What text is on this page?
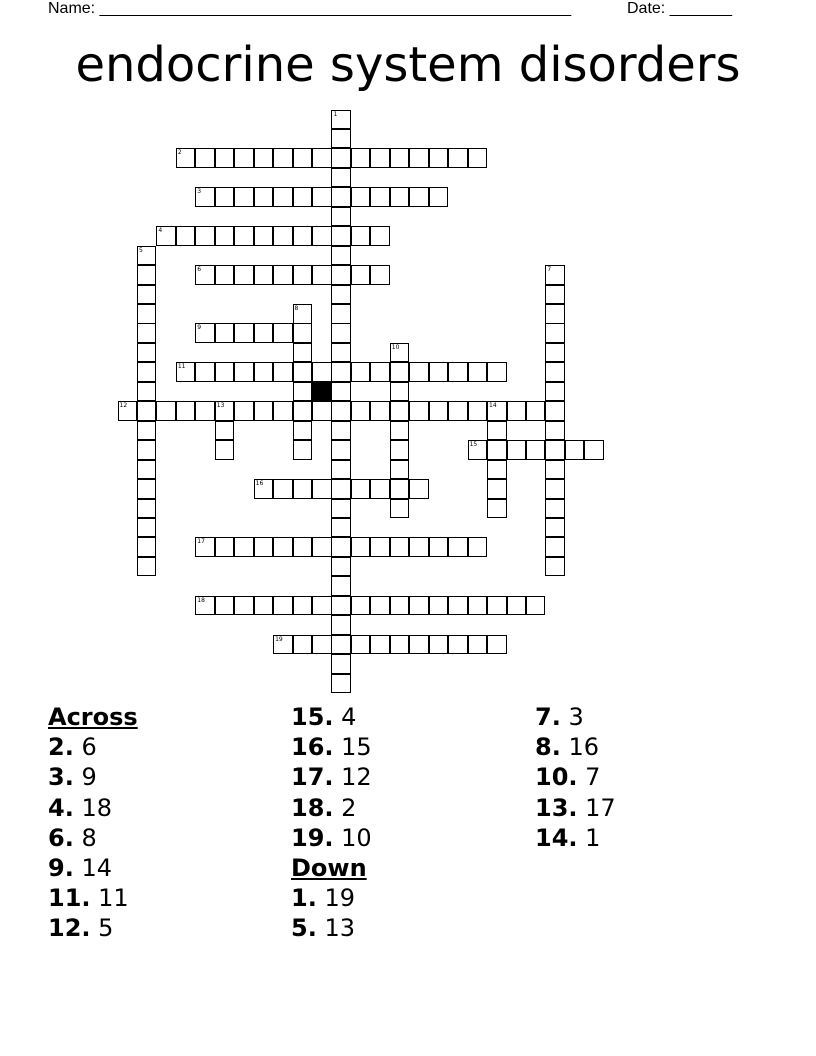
Name: _____________________________________________________	Date: _______
endocrine system disorders
2
3
4
6
9
11
12	13	14
15
16
17
18
19
1
5
7
8
10
Across
2. 6
3. 9
4. 18
6. 8
9. 14
11. 11
12. 5
15. 4
16. 15
17. 12
18. 2
19. 10
Down
1. 19
5. 13
7. 3
8. 16
10. 7
13. 17
14. 1
